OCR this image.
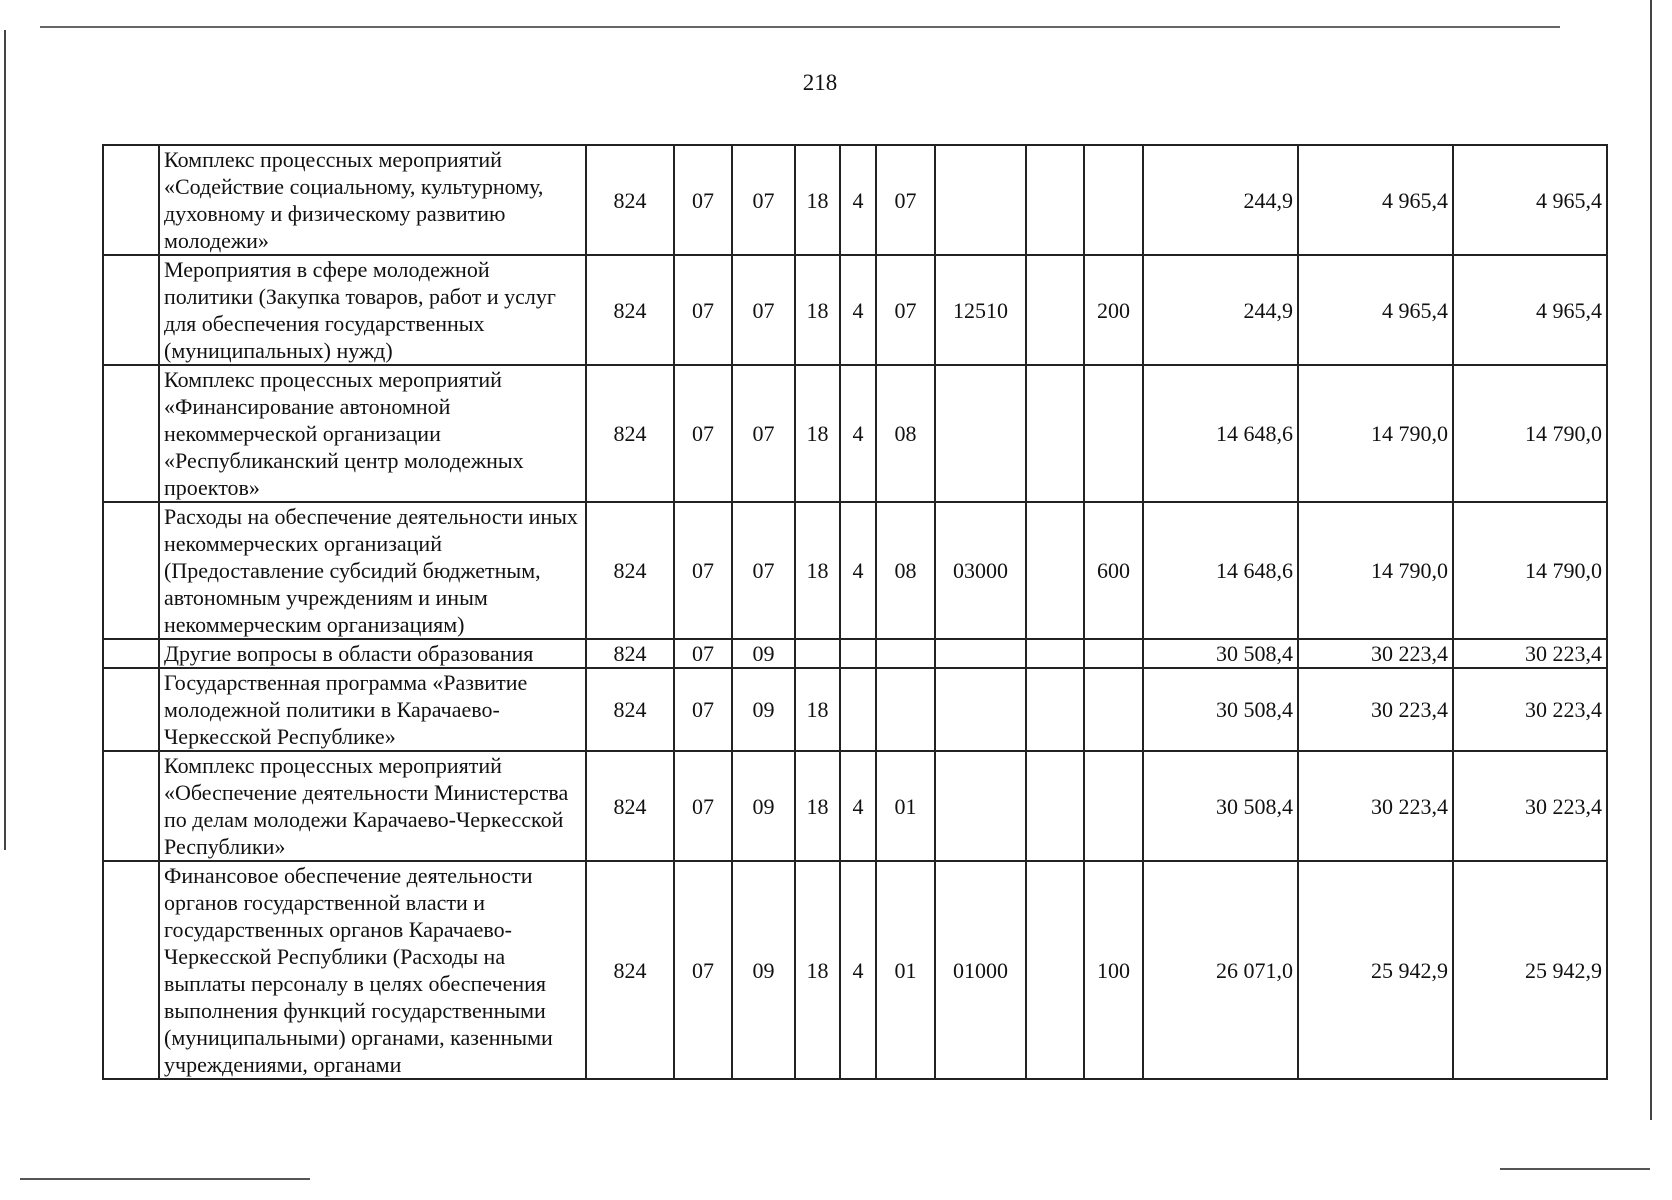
218
	Комплекс процессных мероприятий «Содействие социальному, культурному, духовному и физическому развитию молодежи»	824	07	07	18	4	07				244,9	4 965,4	4 965,4
	Мероприятия в сфере молодежной политики (Закупка товаров, работ и услуг для обеспечения государственных (муниципальных) нужд)	824	07	07	18	4	07	12510		200	244,9	4 965,4	4 965,4
	Комплекс процессных мероприятий «Финансирование автономной некоммерческой организации «Республиканский центр молодежных проектов»	824	07	07	18	4	08				14 648,6	14 790,0	14 790,0
	Расходы на обеспечение деятельности иных некоммерческих организаций (Предоставление субсидий бюджетным, автономным учреждениям и иным некоммерческим организациям)	824	07	07	18	4	08	03000		600	14 648,6	14 790,0	14 790,0
	Другие вопросы в области образования	824	07	09							30 508,4	30 223,4	30 223,4
	Государственная программа «Развитие молодежной политики в Карачаево-Черкесской Республике»	824	07	09	18						30 508,4	30 223,4	30 223,4
	Комплекс процессных мероприятий «Обеспечение деятельности Министерства по делам молодежи Карачаево-Черкесской Республики»	824	07	09	18	4	01				30 508,4	30 223,4	30 223,4
	Финансовое обеспечение деятельности органов государственной власти и государственных органов Карачаево-Черкесской Республики (Расходы на выплаты персоналу в целях обеспечения выполнения функций государственными (муниципальными) органами, казенными учреждениями, органами	824	07	09	18	4	01	01000		100	26 071,0	25 942,9	25 942,9
